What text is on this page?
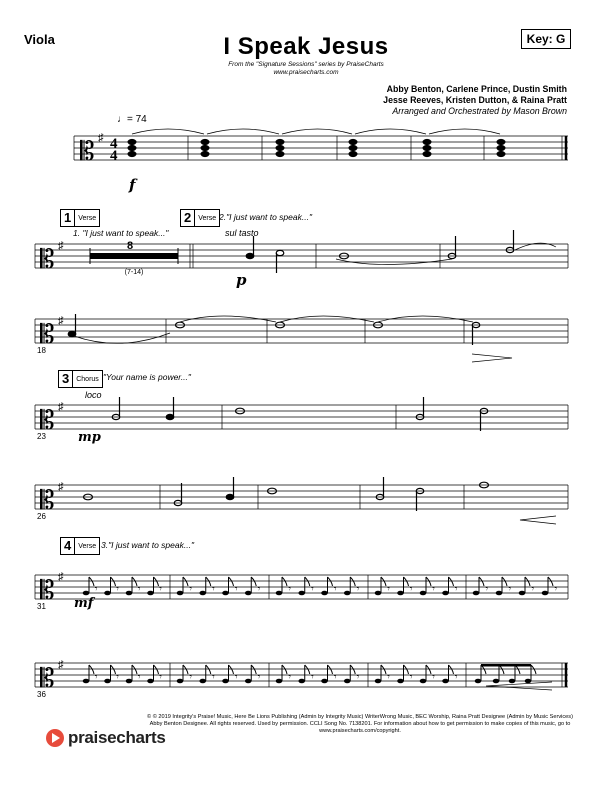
Viola	I Speak Jesus
From the "Signature Sessions" series by PraiseCharts
www.praisecharts.com
Key: G
Abby Benton, Carlene Prince, Dustin Smith
Jesse Reeves, Kristen Dutton, & Raina Pratt
Arranged and Orchestrated by Mason Brown
♩= 74
𝄡
𝄡
𝄡
𝄡
𝄡
𝄡
𝄡
♯
♯
♯
♯
♯
♯
♯
4
4
8
(7-14)
𝄾 𝄾 𝄾 𝄾	𝄾 𝄾 𝄾 𝄾	𝄾 𝄾 𝄾 𝄾	𝄾 𝄾 𝄾 𝄾	𝄾 𝄾 𝄾 𝄾
𝄾 𝄾 𝄾 𝄾	𝄾 𝄾 𝄾 𝄾	𝄾 𝄾 𝄾 𝄾	𝄾 𝄾 𝄾 𝄾
f
p
mp
mf
sul tasto
loco
1	Verse
1. "I just want to speak..."
2	Verse 2."I just want to speak..."
3	Chorus "Your name is power..."
4	Verse 3."I just want to speak..."
18
23
26
31
36
praisecharts
© © 2019 Integrity's Praise! Music, Here Be Lions Publishing (Admin by Integrity Music) WriterWrong Music, BEC Worship, Raina Pratt Designee (Admin by Music Services) Abby Benton Designee. All rights reserved. Used by permission. CCLI Song No. 7138201. For information about how to get permission to make copies of this music, go to www.praisecharts.com/copyright.
